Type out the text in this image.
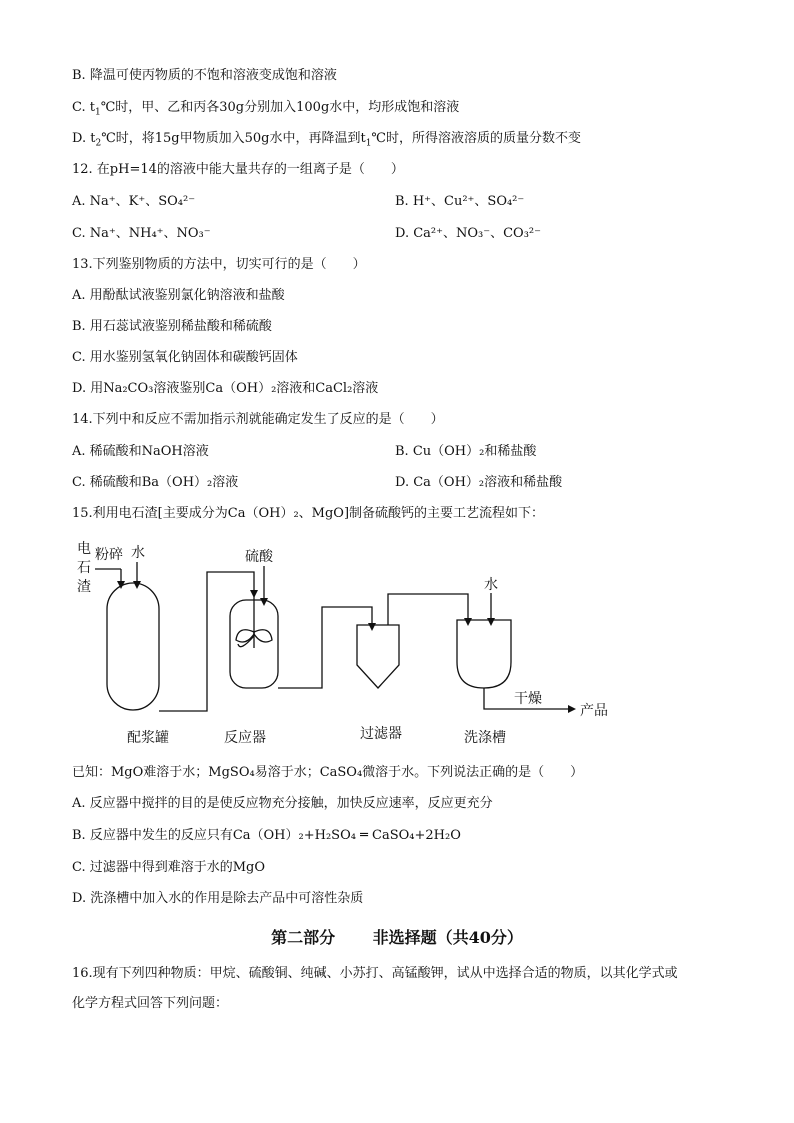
B. 降温可使丙物质的不饱和溶液变成饱和溶液
C. $t_1℃$时，甲、乙和丙各30g分别加入100g水中，均形成饱和溶液
D. $t_2℃$时，将15g甲物质加入50g水中，再降温到$t_1℃$时，所得溶液溶质的质量分数不变
12. 在pH=14的溶液中能大量共存的一组离子是（　　）
A. Na⁺、K⁺、SO₄²⁻	B. H⁺、Cu²⁺、SO₄²⁻
C. Na⁺、NH₄⁺、NO₃⁻	D. Ca²⁺、NO₃⁻、CO₃²⁻
13.下列鉴别物质的方法中，切实可行的是（　　）
A. 用酚酞试液鉴别氯化钠溶液和盐酸
B. 用石蕊试液鉴别稀盐酸和稀硫酸
C. 用水鉴别氢氧化钠固体和碳酸钙固体
D. 用Na₂CO₃溶液鉴别Ca（OH）₂溶液和CaCl₂溶液
14.下列中和反应不需加指示剂就能确定发生了反应的是（　　）
A. 稀硫酸和NaOH溶液	B. Cu（OH）₂和稀盐酸
C. 稀硫酸和Ba（OH）₂溶液	D. Ca（OH）₂溶液和稀盐酸
15.利用电石渣[主要成分为Ca（OH）₂、MgO]制备硫酸钙的主要工艺流程如下：
电
石
渣
粉碎 水	硫酸
水
干燥
产品
配浆罐	反应器	过滤器	洗涤槽
已知：MgO难溶于水；MgSO₄易溶于水；CaSO₄微溶于水。下列说法正确的是（　　）
A. 反应器中搅拌的目的是使反应物充分接触，加快反应速率，反应更充分
B. 反应器中发生的反应只有Ca（OH）₂+H₂SO₄ ═ CaSO₄+2H₂O
C. 过滤器中得到难溶于水的MgO
D. 洗涤槽中加入水的作用是除去产品中可溶性杂质
第二部分 非选择题（共40分）
16.现有下列四种物质：甲烷、硫酸铜、纯碱、小苏打、高锰酸钾，试从中选择合适的物质，以其化学式或
化学方程式回答下列问题：
